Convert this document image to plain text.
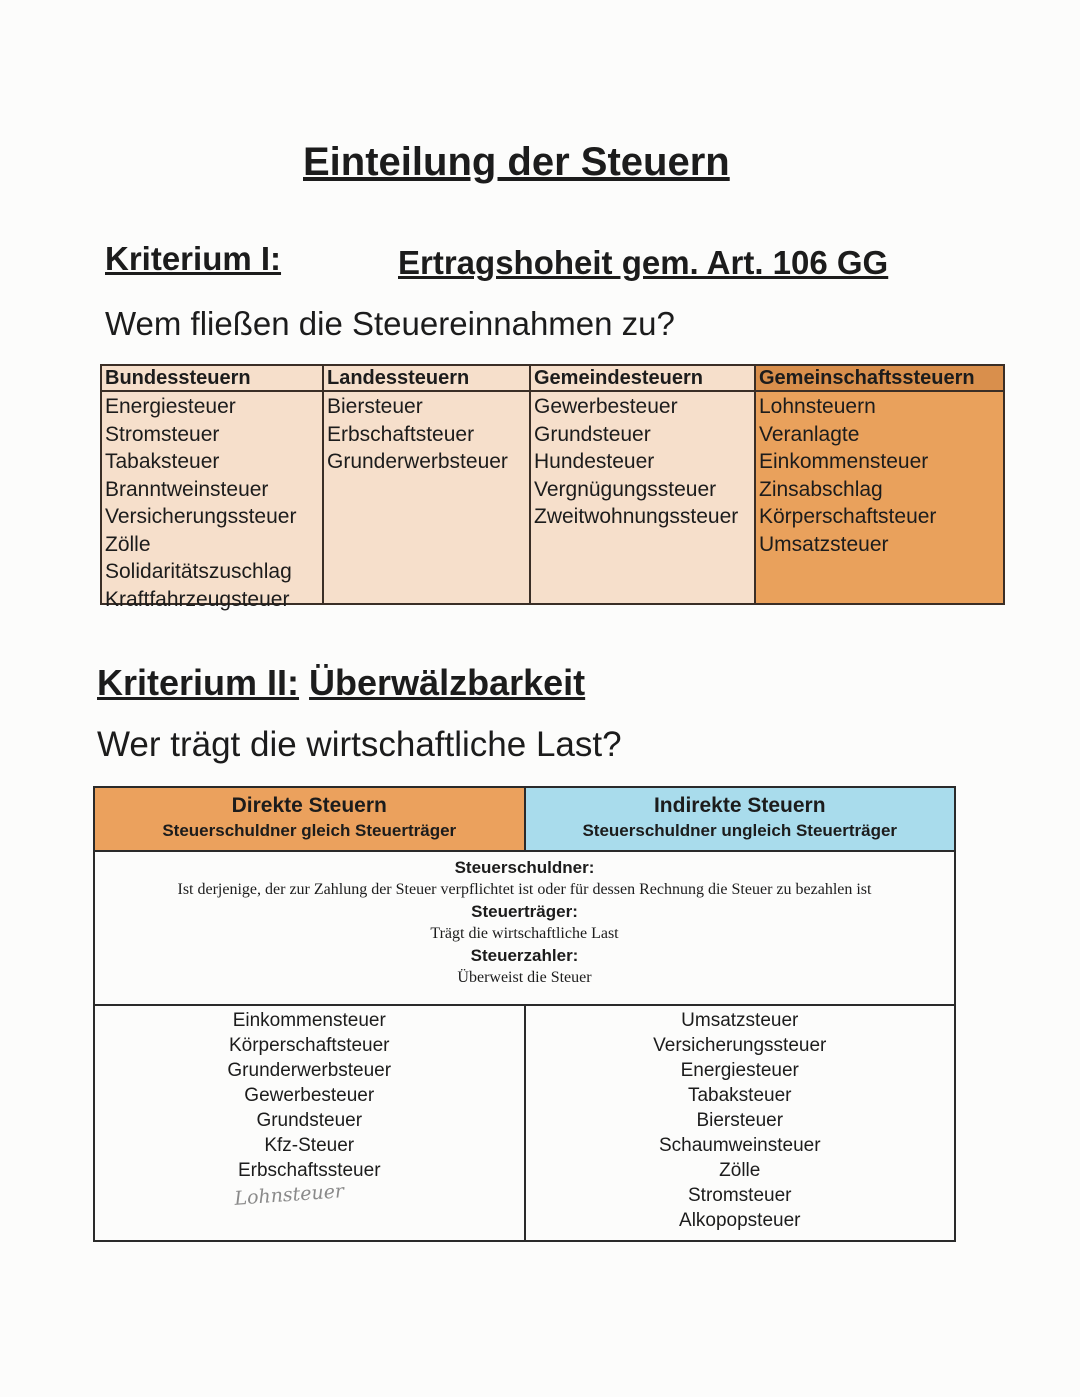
Einteilung der Steuern
Kriterium I:	Ertragshoheit gem. Art. 106 GG
Wem fließen die Steuereinnahmen zu?
Bundessteuern
Energiesteuer
Stromsteuer
Tabaksteuer
Branntweinsteuer
Versicherungssteuer
Zölle
Solidaritätszuschlag
Kraftfahrzeugsteuer
Landessteuern
Biersteuer
Erbschaftsteuer
Grunderwerbsteuer
Gemeindesteuern
Gewerbesteuer
Grundsteuer
Hundesteuer
Vergnügungssteuer
Zweitwohnungssteuer
Gemeinschaftssteuern
Lohnsteuern
Veranlagte
Einkommensteuer
Zinsabschlag
Körperschaftsteuer
Umsatzsteuer
Kriterium II: Überwälzbarkeit
Wer trägt die wirtschaftliche Last?
Direkte Steuern
Steuerschuldner gleich Steuerträger
Indirekte Steuern
Steuerschuldner ungleich Steuerträger
Steuerschuldner:
Ist derjenige, der zur Zahlung der Steuer verpflichtet ist oder für dessen Rechnung die Steuer zu bezahlen ist
Steuerträger:
Trägt die wirtschaftliche Last
Steuerzahler:
Überweist die Steuer
Einkommensteuer
Körperschaftsteuer
Grunderwerbsteuer
Gewerbesteuer
Grundsteuer
Kfz-Steuer
Erbschaftssteuer
Lohnsteuer
Umsatzsteuer
Versicherungssteuer
Energiesteuer
Tabaksteuer
Biersteuer
Schaumweinsteuer
Zölle
Stromsteuer
Alkopopsteuer
